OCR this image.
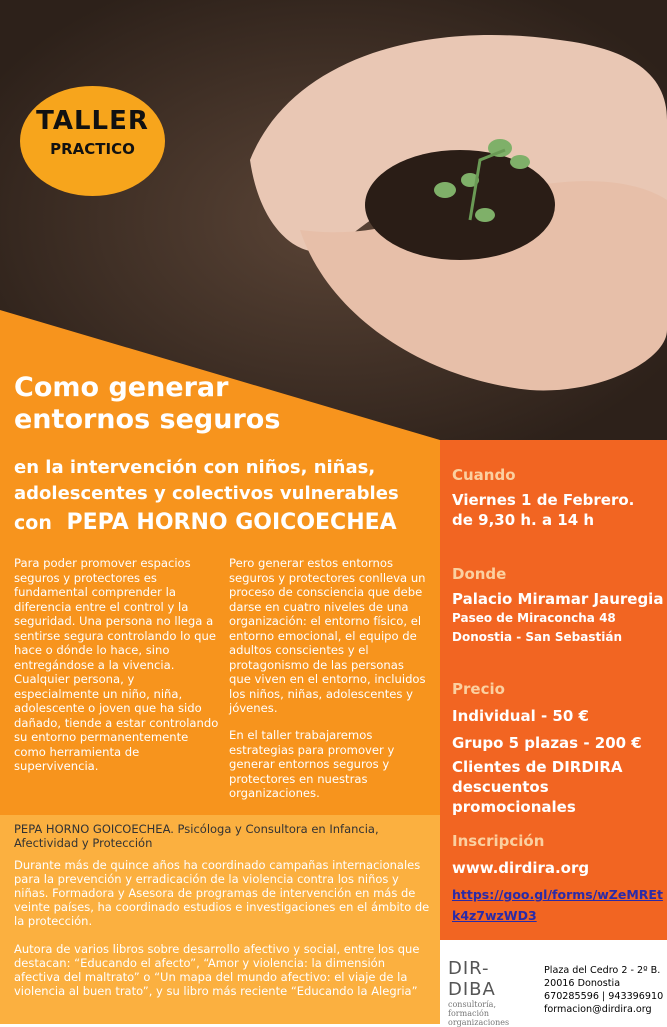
TALLER
PRACTICO
Como generar
entornos seguros
en la intervención con niños, niñas,
adolescentes y colectivos vulnerables
con PEPA HORNO GOICOECHEA
Para poder promover espacios seguros y protectores es fundamental comprender la diferencia entre el control y la seguridad. Una persona no llega a sentirse segura controlando lo que hace o dónde lo hace, sino entregándose a la vivencia. Cualquier persona, y especialmente un niño, niña, adolescente o joven que ha sido dañado, tiende a estar controlando su entorno permanentemente como herramienta de supervivencia.
Pero generar estos entornos seguros y protectores conlleva un proceso de consciencia que debe darse en cuatro niveles de una organización: el entorno físico, el entorno emocional, el equipo de adultos conscientes y el protagonismo de las personas que viven en el entorno, incluidos los niños, niñas, adolescentes y jóvenes.
En el taller trabajaremos estrategias para promover y generar entornos seguros y protectores en nuestras organizaciones.
PEPA HORNO GOICOECHEA. Psicóloga y Consultora en Infancia, Afectividad y Protección
Durante más de quince años ha coordinado campañas internacionales para la prevención y erradicación de la violencia contra los niños y niñas. Formadora y Asesora de programas de intervención en más de veinte países, ha coordinado estudios e investigaciones en el ámbito de la protección.
Autora de varios libros sobre desarrollo afectivo y social, entre los que destacan: “Educando el afecto”, “Amor y violencia: la dimensión afectiva del maltrato” o “Un mapa del mundo afectivo: el viaje de la violencia al buen trato”, y su libro más reciente “Educando la Alegria”
Cuando
Viernes 1 de Febrero.
de 9,30 h. a 14 h
Donde
Palacio Miramar Jauregia
Paseo de Miraconcha 48
Donostia - San Sebastián
Precio
Individual - 50 €
Grupo 5 plazas - 200 €
Clientes de DIRDIRA
descuentos promocionales
Inscripción
www.dirdira.org
https://goo.gl/forms/wZeMREt
k4z7wzWD3
DIR-
DIBA
consultoría, formación
organizaciones
Plaza del Cedro 2 - 2º B.
20016 Donostia
670285596 | 943396910
formacion@dirdira.org
